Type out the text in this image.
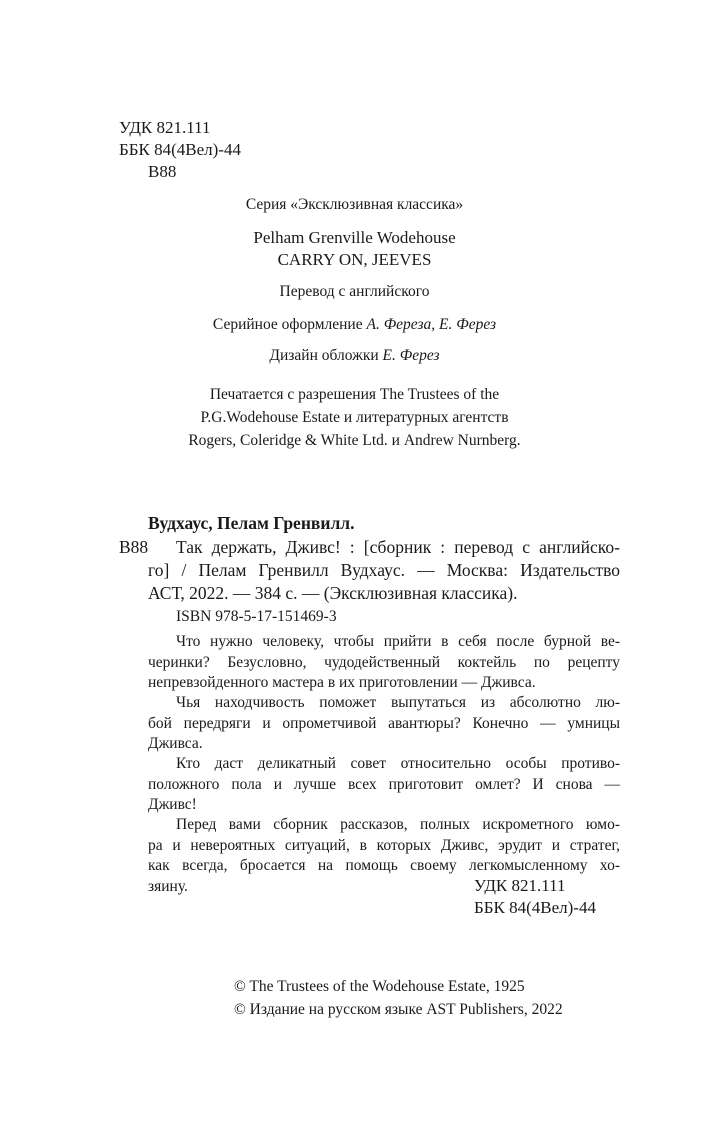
УДК 821.111
ББК 84(4Вел)-44
В88
Серия «Эксклюзивная классика»
Pelham Grenville Wodehouse
CARRY ON, JEEVES
Перевод с английского
Серийное оформление А. Фереза, Е. Ферез
Дизайн обложки Е. Ферез
Печатается с разрешения The Trustees of the
P.G.Wodehouse Estate и литературных агентств
Rogers, Coleridge & White Ltd. и Andrew Nurnberg.
Вудхаус, Пелам Гренвилл.
В88 Так держать, Дживс! : [сборник : перевод с английско-
го] / Пелам Гренвилл Вудхаус. — Москва: Издательство
АСТ, 2022. — 384 с. — (Эксклюзивная классика).
ISBN 978-5-17-151469-3
Что нужно человеку, чтобы прийти в себя после бурной ве-
черинки? Безусловно, чудодейственный коктейль по рецепту
непревзойденного мастера в их приготовлении — Дживса.
Чья находчивость поможет выпутаться из абсолютно лю-
бой передряги и опрометчивой авантюры? Конечно — умницы
Дживса.
Кто даст деликатный совет относительно особы противо-
положного пола и лучше всех приготовит омлет? И снова —
Дживс!
Перед вами сборник рассказов, полных искрометного юмо-
ра и невероятных ситуаций, в которых Дживс, эрудит и стратег,
как всегда, бросается на помощь своему легкомысленному хо-
зяину.	УДК 821.111
ББК 84(4Вел)-44
© The Trustees of the Wodehouse Estate, 1925
© Издание на русском языке AST Publishers, 2022
